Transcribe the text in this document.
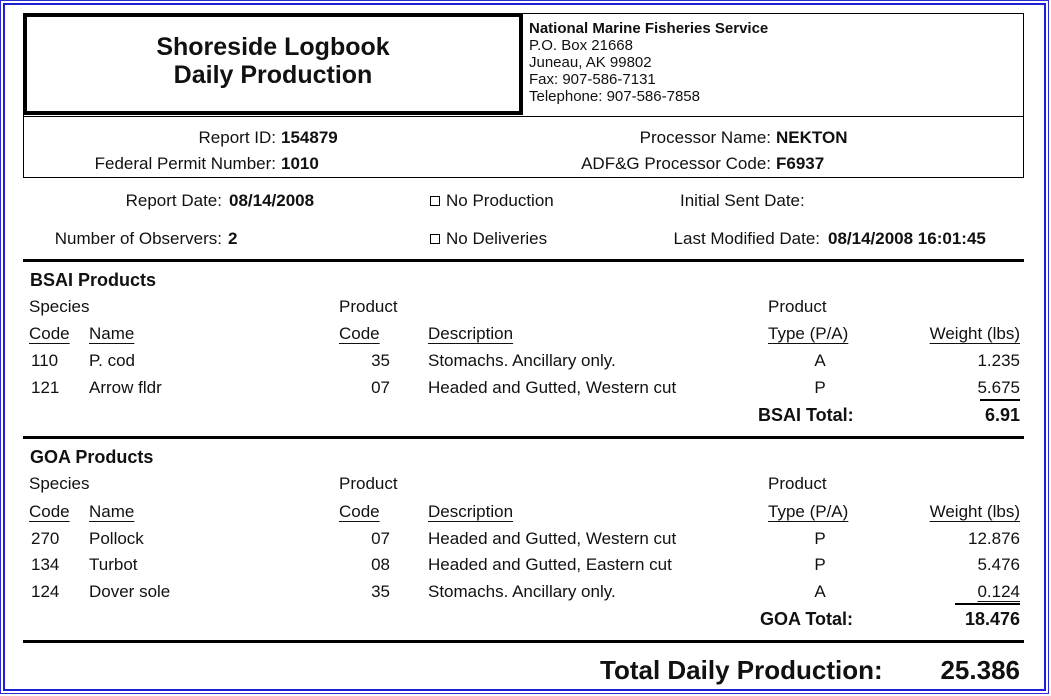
Shoreside Logbook
Daily Production
National Marine Fisheries Service
P.O. Box 21668
Juneau, AK 99802
Fax: 907-586-7131
Telephone: 907-586-7858
Report ID: 154879
Federal Permit Number: 1010
Processor Name: NEKTON
ADF&G Processor Code: F6937
Report Date: 08/14/2008	No Production	Initial Sent Date:
Number of Observers: 2	No Deliveries	Last Modified Date: 08/14/2008 16:01:45
BSAI Products
Species	Product	Product
Code Name	Code	Description	Type (P/A)	Weight (lbs)
110 P. cod	35 Stomachs. Ancillary only.	A	1.235
121 Arrow fldr	07 Headed and Gutted, Western cut	P	5.675
BSAI Total:	6.91
GOA Products
Species	Product	Product
Code Name	Code	Description	Type (P/A)	Weight (lbs)
270 Pollock	07 Headed and Gutted, Western cut	P	12.876
134 Turbot	08 Headed and Gutted, Eastern cut	P	5.476
124 Dover sole	35 Stomachs. Ancillary only.	A	0.124
GOA Total:	18.476
Total Daily Production:	25.386
